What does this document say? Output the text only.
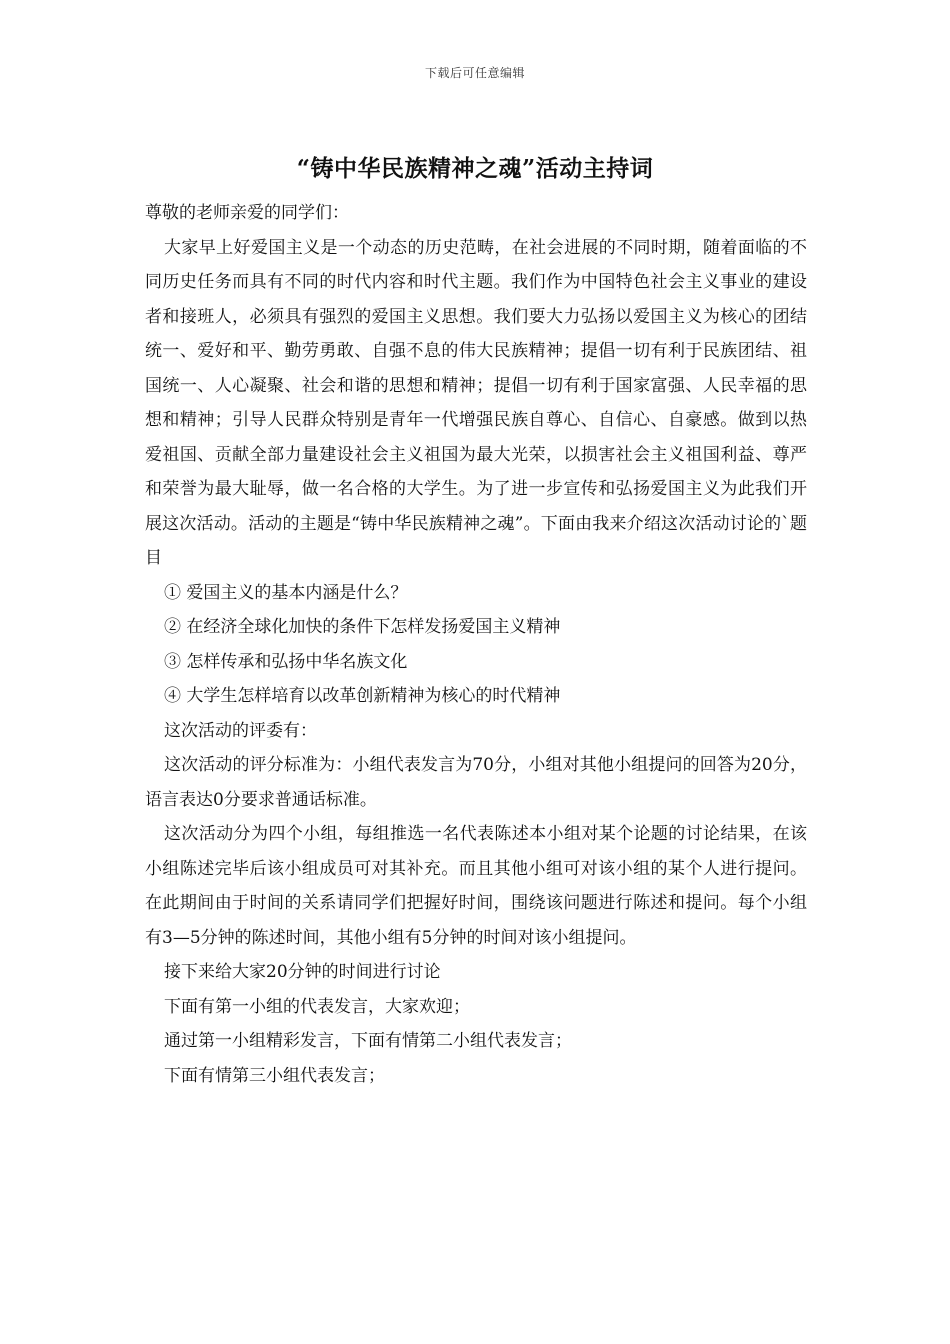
下载后可任意编辑
“铸中华民族精神之魂”活动主持词

尊敬的老师亲爱的同学们：

大家早上好爱国主义是一个动态的历史范畴，在社会进展的不同时期，随着面临的不同历史任务而具有不同的时代内容和时代主题。我们作为中国特色社会主义事业的建设者和接班人，必须具有强烈的爱国主义思想。我们要大力弘扬以爱国主义为核心的团结统一、爱好和平、勤劳勇敢、自强不息的伟大民族精神；提倡一切有利于民族团结、祖国统一、人心凝聚、社会和谐的思想和精神；提倡一切有利于国家富强、人民幸福的思想和精神；引导人民群众特别是青年一代增强民族自尊心、自信心、自豪感。做到以热爱祖国、贡献全部力量建设社会主义祖国为最大光荣，以损害社会主义祖国利益、尊严和荣誉为最大耻辱，做一名合格的大学生。为了进一步宣传和弘扬爱国主义为此我们开展这次活动。活动的主题是“铸中华民族精神之魂”。下面由我来介绍这次活动讨论的`题目

① 爱国主义的基本内涵是什么？

② 在经济全球化加快的条件下怎样发扬爱国主义精神

③ 怎样传承和弘扬中华名族文化

④ 大学生怎样培育以改革创新精神为核心的时代精神

这次活动的评委有：

这次活动的评分标准为：小组代表发言为70分，小组对其他小组提问的回答为20分，语言表达0分要求普通话标准。

这次活动分为四个小组，每组推选一名代表陈述本小组对某个论题的讨论结果，在该小组陈述完毕后该小组成员可对其补充。而且其他小组可对该小组的某个人进行提问。在此期间由于时间的关系请同学们把握好时间，围绕该问题进行陈述和提问。每个小组有3—5分钟的陈述时间，其他小组有5分钟的时间对该小组提问。

接下来给大家20分钟的时间进行讨论

下面有第一小组的代表发言，大家欢迎；

通过第一小组精彩发言，下面有情第二小组代表发言；

下面有情第三小组代表发言；
